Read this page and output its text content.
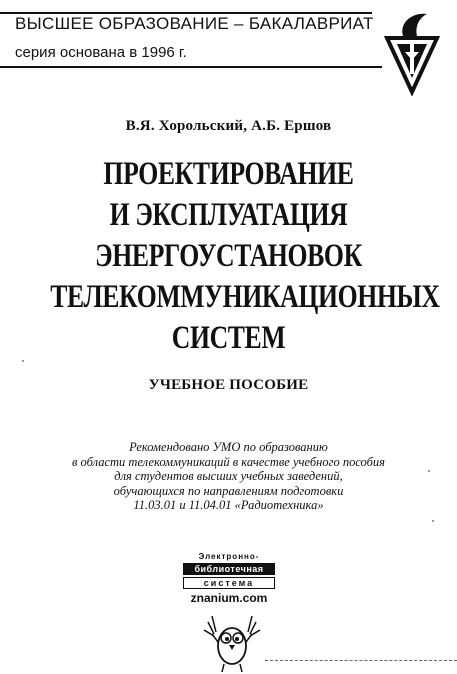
ВЫСШЕЕ ОБРАЗОВАНИЕ – БАКАЛАВРИАТ
серия основана в 1996 г.
В.Я. Хорольский, А.Б. Ершов
ПРОЕКТИРОВАНИЕ
И ЭКСПЛУАТАЦИЯ
ЭНЕРГОУСТАНОВОК
ТЕЛЕКОММУНИКАЦИОННЫХ
СИСТЕМ
УЧЕБНОЕ ПОСОБИЕ
Рекомендовано УМО по образованию
в области телекоммуникаций в качестве учебного пособия
для студентов высших учебных заведений,
обучающихся по направлениям подготовки
11.03.01 и 11.04.01 «Радиотехника»
Электронно-
библиотечная
система
znanium.com
